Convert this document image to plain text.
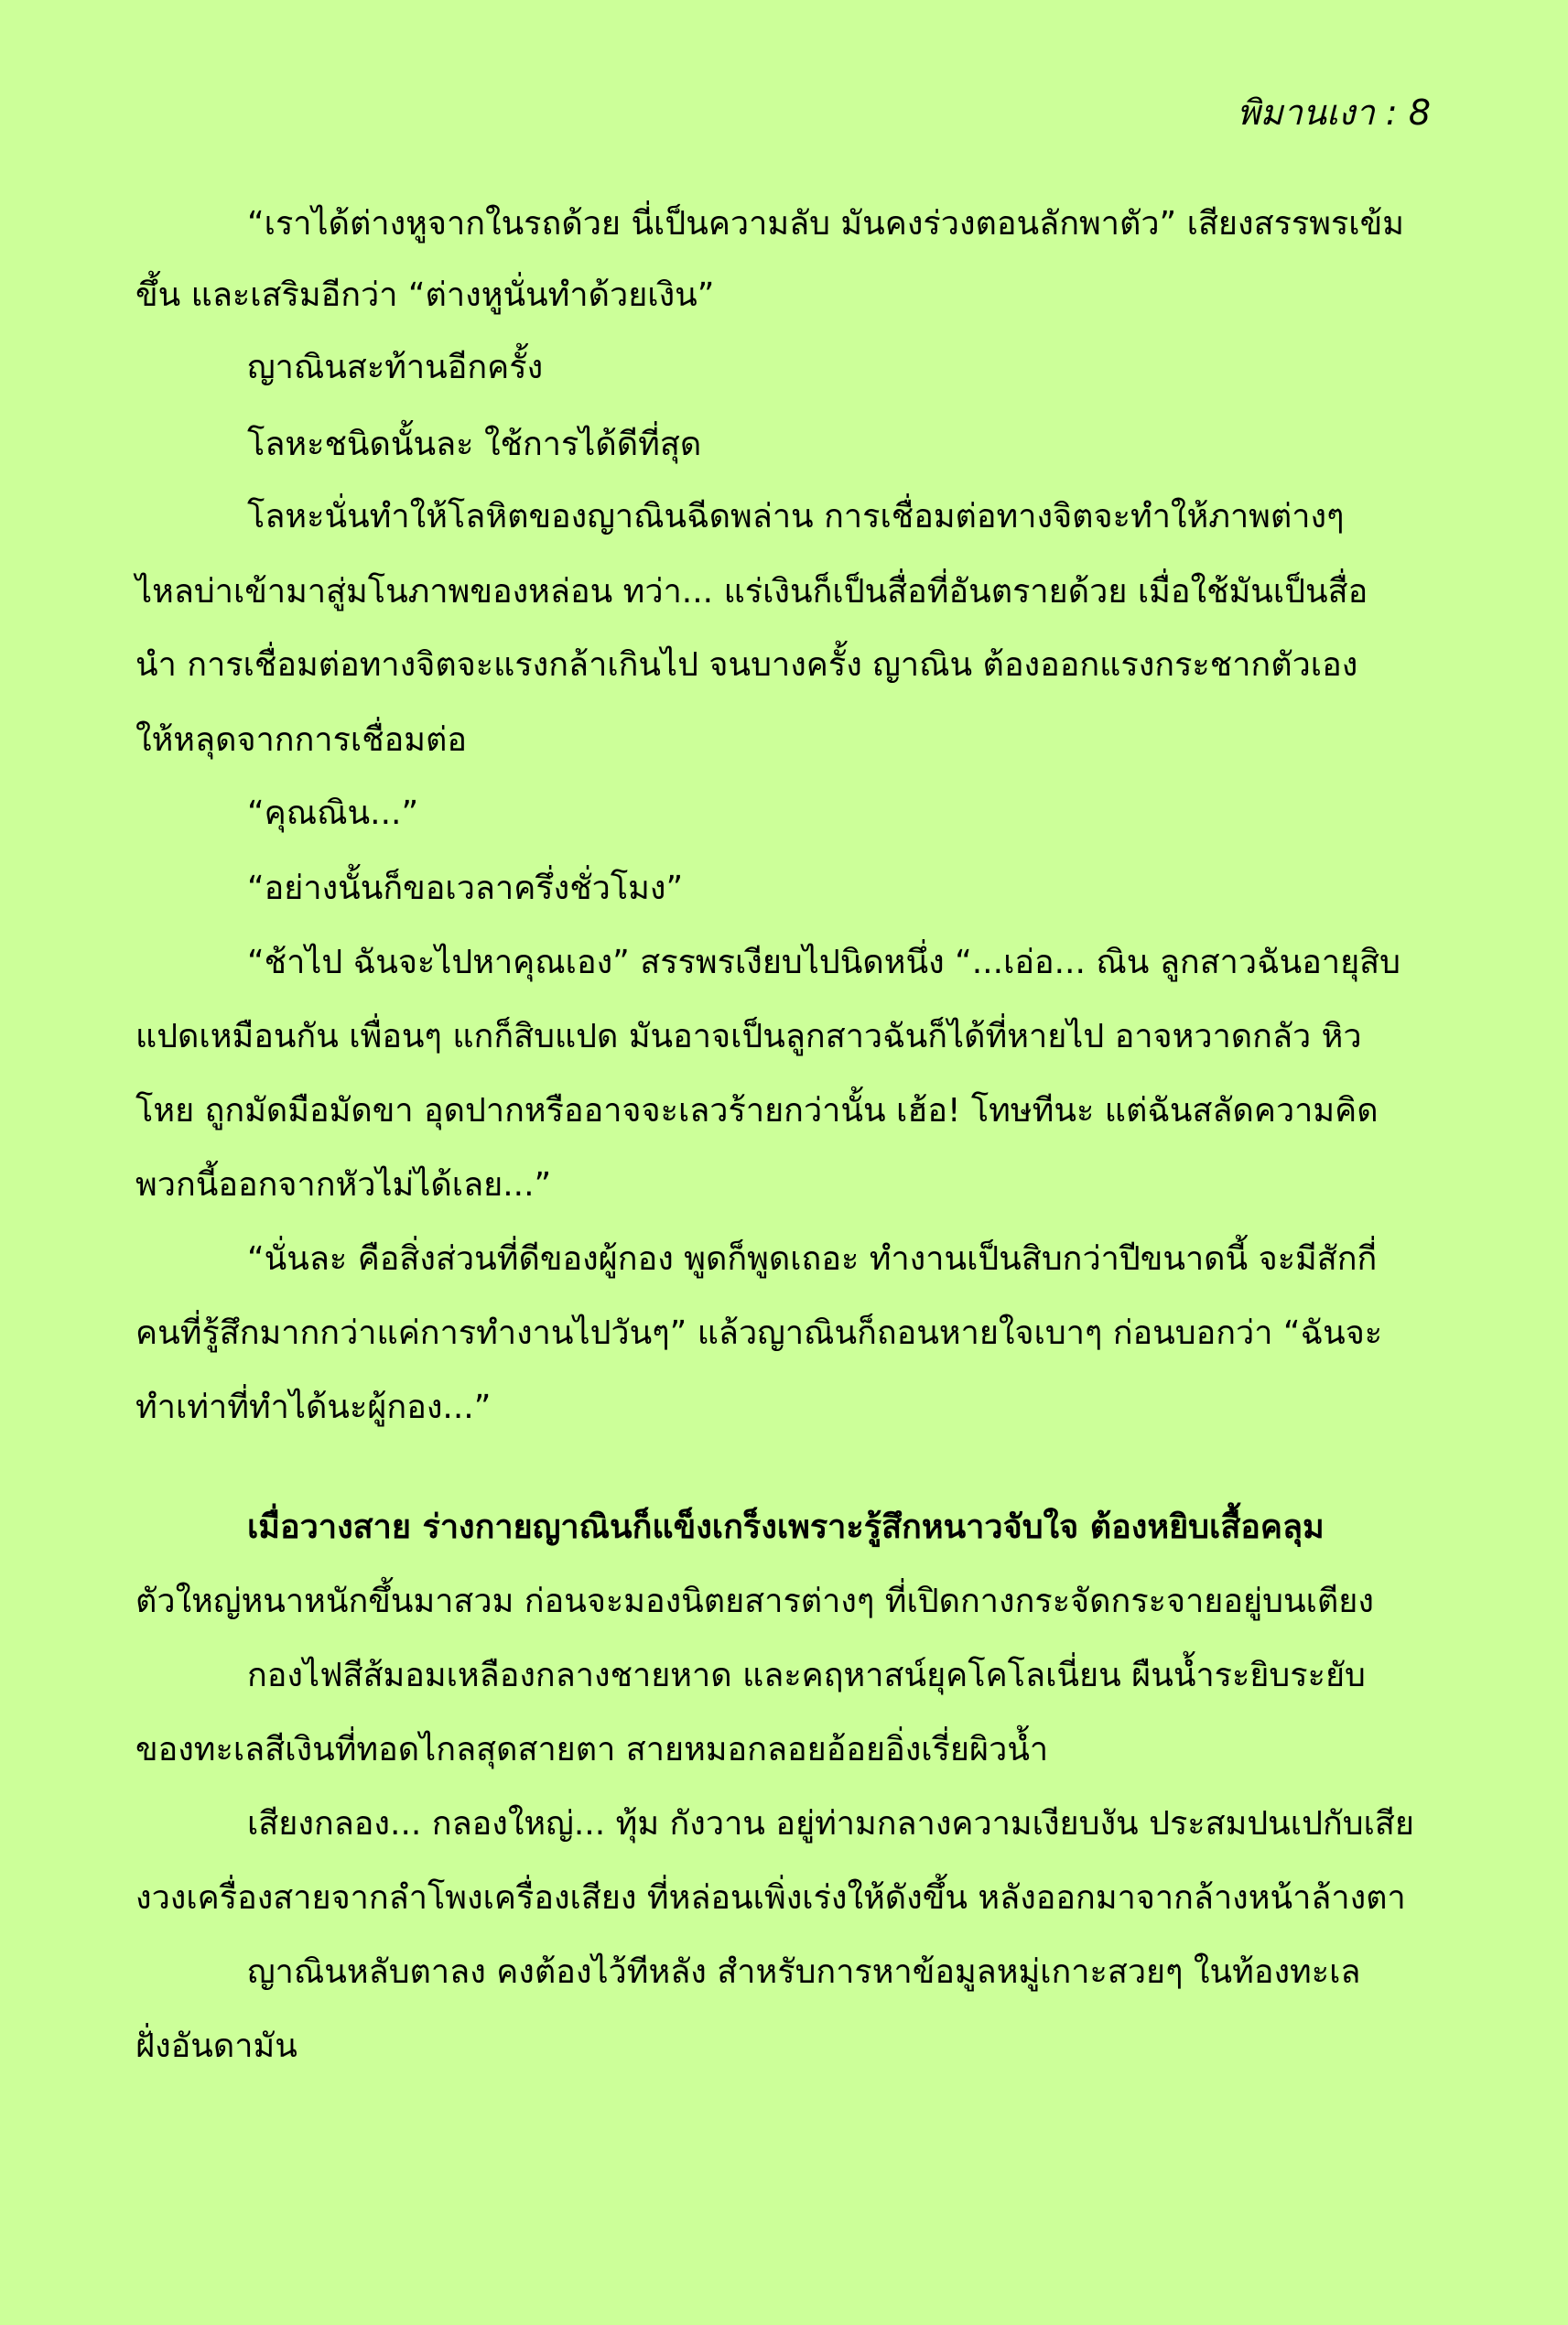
พิมานเงา : 8
“เราได้ต่างหูจากในรถด้วย นี่เป็นความลับ มันคงร่วงตอนลักพาตัว” เสียงสรรพรเข้ม
ขึ้น และเสริมอีกว่า “ต่างหูนั่นทำด้วยเงิน”
ญาณินสะท้านอีกครั้ง
โลหะชนิดนั้นละ ใช้การได้ดีที่สุด
โลหะนั่นทำให้โลหิตของญาณินฉีดพล่าน การเชื่อมต่อทางจิตจะทำให้ภาพต่างๆ
ไหลบ่าเข้ามาสู่มโนภาพของหล่อน ทว่า... แร่เงินก็เป็นสื่อที่อันตรายด้วย เมื่อใช้มันเป็นสื่อ
นำ การเชื่อมต่อทางจิตจะแรงกล้าเกินไป จนบางครั้ง ญาณิน ต้องออกแรงกระชากตัวเอง
ให้หลุดจากการเชื่อมต่อ
“คุณณิน...”
“อย่างนั้นก็ขอเวลาครึ่งชั่วโมง”
“ช้าไป ฉันจะไปหาคุณเอง” สรรพรเงียบไปนิดหนึ่ง “...เอ่อ... ณิน ลูกสาวฉันอายุสิบ
แปดเหมือนกัน เพื่อนๆ แกก็สิบแปด มันอาจเป็นลูกสาวฉันก็ได้ที่หายไป อาจหวาดกลัว หิว
โหย ถูกมัดมือมัดขา อุดปากหรืออาจจะเลวร้ายกว่านั้น เฮ้อ! โทษทีนะ แต่ฉันสลัดความคิด
พวกนี้ออกจากหัวไม่ได้เลย...”
“นั่นละ คือสิ่งส่วนที่ดีของผู้กอง พูดก็พูดเถอะ ทำงานเป็นสิบกว่าปีขนาดนี้ จะมีสักกี่
คนที่รู้สึกมากกว่าแค่การทำงานไปวันๆ” แล้วญาณินก็ถอนหายใจเบาๆ ก่อนบอกว่า “ฉันจะ
ทำเท่าที่ทำได้นะผู้กอง...”
เมื่อวางสาย ร่างกายญาณินก็แข็งเกร็งเพราะรู้สึกหนาวจับใจ ต้องหยิบเสื้อคลุม
ตัวใหญ่หนาหนักขึ้นมาสวม ก่อนจะมองนิตยสารต่างๆ ที่เปิดกางกระจัดกระจายอยู่บนเตียง
กองไฟสีส้มอมเหลืองกลางชายหาด และคฤหาสน์ยุคโคโลเนี่ยน ผืนน้ำระยิบระยับ
ของทะเลสีเงินที่ทอดไกลสุดสายตา สายหมอกลอยอ้อยอิ่งเรี่ยผิวน้ำ
เสียงกลอง... กลองใหญ่... ทุ้ม กังวาน อยู่ท่ามกลางความเงียบงัน ประสมปนเปกับเสีย
งวงเครื่องสายจากลำโพงเครื่องเสียง ที่หล่อนเพิ่งเร่งให้ดังขึ้น หลังออกมาจากล้างหน้าล้างตา
ญาณินหลับตาลง คงต้องไว้ทีหลัง สำหรับการหาข้อมูลหมู่เกาะสวยๆ ในท้องทะเล
ฝั่งอันดามัน
